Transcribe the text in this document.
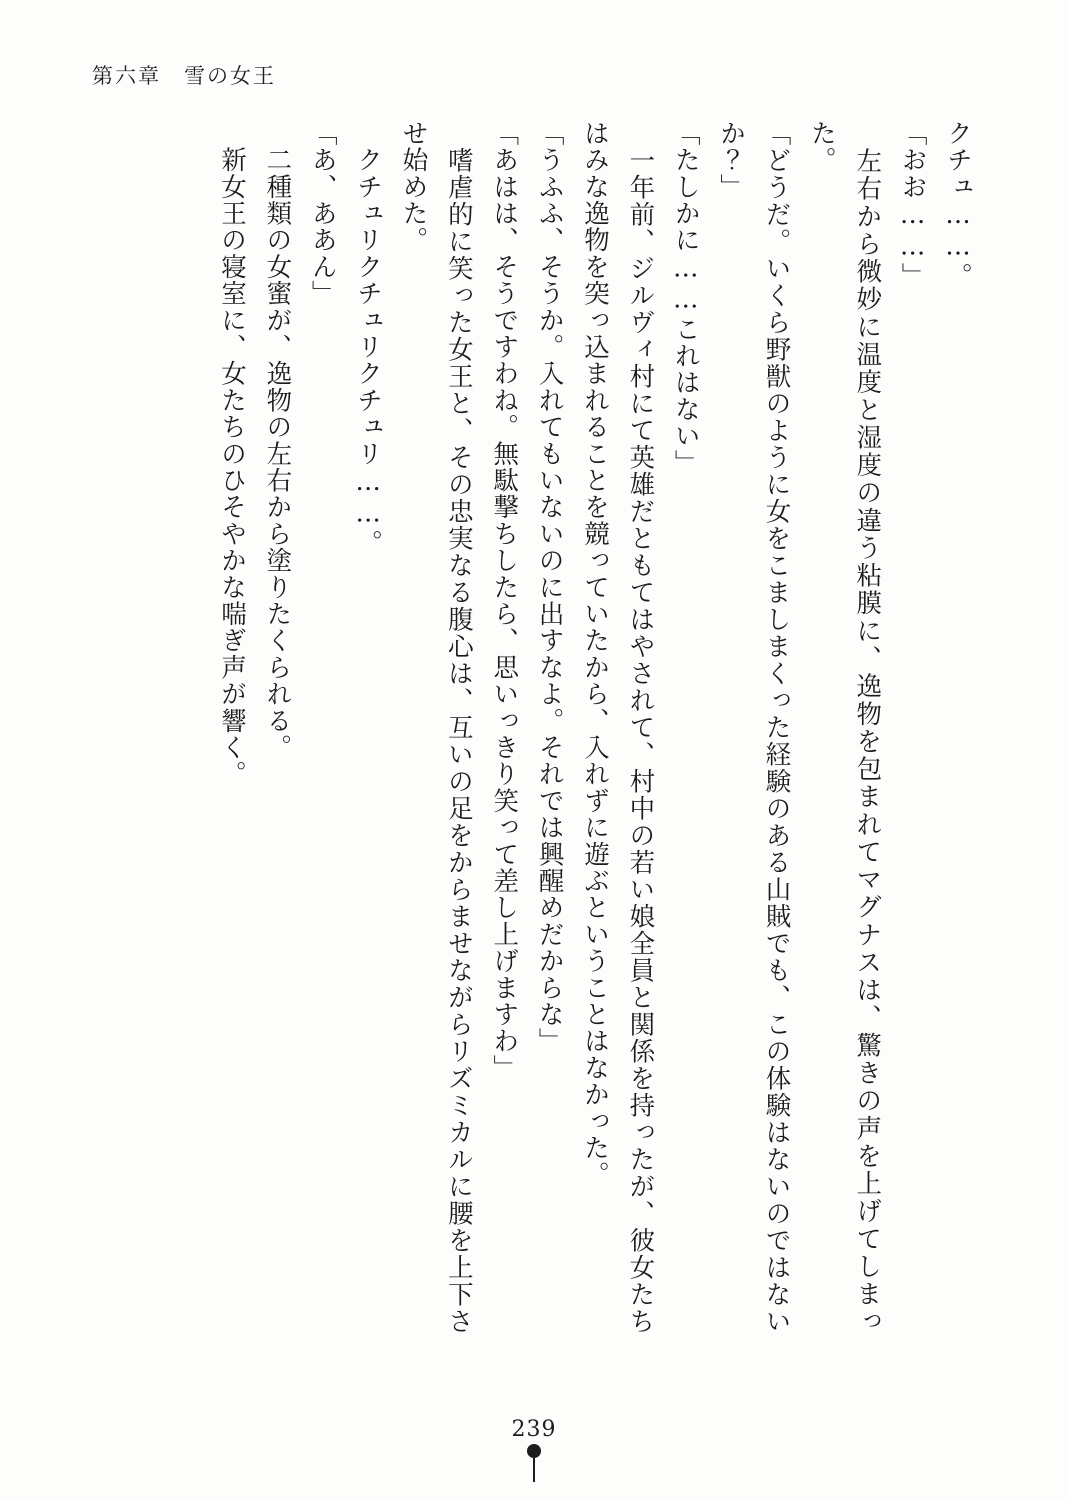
第六章　雪の女王

クチュ……。

「おお……」

　左右から微妙に温度と湿度の違う粘膜に、逸物を包まれてマグナスは、驚きの声を上げてしまった。

「どうだ。いくら野獣のように女をこましまくった経験のある山賊でも、この体験はないのではないか？」

「たしかに……これはない」

　一年前、ジルヴィ村にて英雄だともてはやされて、村中の若い娘全員と関係を持ったが、彼女たちはみな逸物を突っ込まれることを競っていたから、入れずに遊ぶということはなかった。

「うふふ、そうか。入れてもいないのに出すなよ。それでは興醒めだからな」

「あはは、そうですわね。無駄撃ちしたら、思いっきり笑って差し上げますわ」

　嗜虐的に笑った女王と、その忠実なる腹心は、互いの足をからませながらリズミカルに腰を上下させ始めた。

　クチュリクチュリクチュリ……。

「あ、ああん」

　二種類の女蜜が、逸物の左右から塗りたくられる。

　新女王の寝室に、女たちのひそやかな喘ぎ声が響く。

239
